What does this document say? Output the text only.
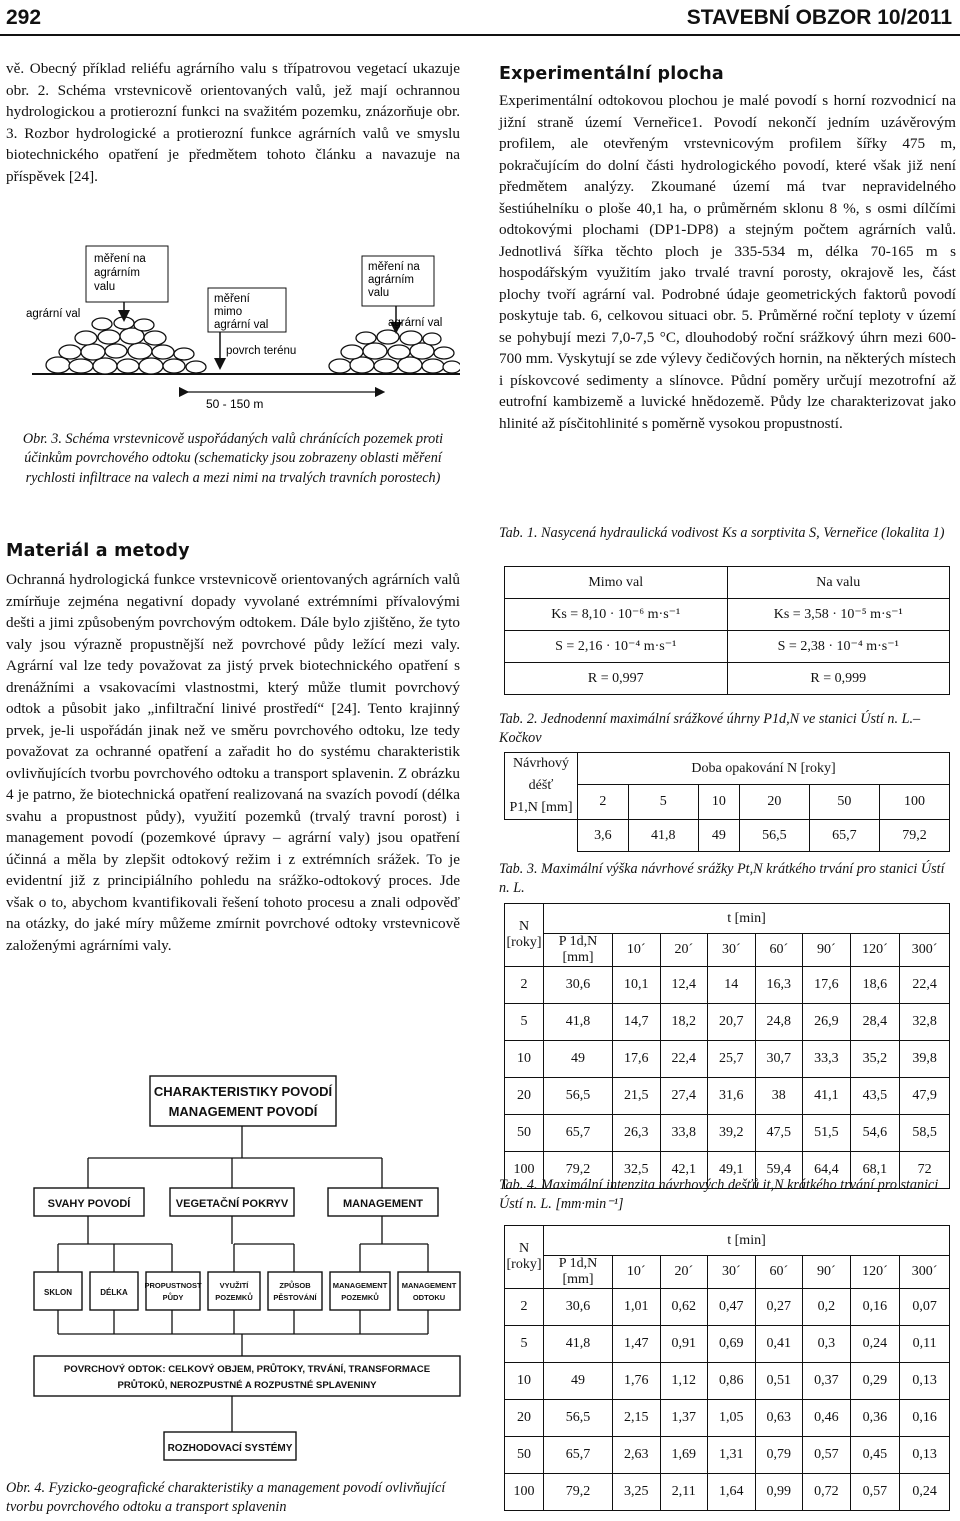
292	STAVEBNÍ OBZOR 10/2011

vě. Obecný příklad reliéfu agrárního valu s třípatrovou vegetací ukazuje obr. 2. Schéma vrstevnicově orientovaných valů, jež mají ochrannou hydrologickou a protierozní funkci na svažitém pozemku, znázorňuje obr. 3. Rozbor hydrologické a protierozní funkce agrárních valů ve smyslu biotechnického opatření je předmětem tohoto článku a navazuje na příspěvek [24].

měření na
agrárním
valu
měření
mimo
agrární val
měření na
agrárním
valu
agrární val
agrární val
povrch terénu
50 - 150 m

Obr. 3. Schéma vrstevnicově uspořádaných valů chránících pozemek proti účinkům povrchového odtoku (schematicky jsou zobrazeny oblasti měření rychlosti infiltrace na valech a mezi nimi na trvalých travních porostech)

Materiál a metody

Ochranná hydrologická funkce vrstevnicově orientovaných agrárních valů zmírňuje zejména negativní dopady vyvolané extrémními přívalovými dešti a jimi způsobeným povrchovým odtokem. Dále bylo zjištěno, že tyto valy jsou výrazně propustnější než povrchové půdy ležící mezi valy. Agrární val lze tedy považovat za jistý prvek biotechnického opatření s drenážními a vsakovacími vlastnostmi, který může tlumit povrchový odtok a působit jako „infiltrační linivé prostředí“ [24]. Tento krajinný prvek, je-li uspořádán jinak než ve směru povrchového odtoku, lze tedy považovat za ochranné opatření a zařadit ho do systému charakteristik ovlivňujících tvorbu povrchového odtoku a transport splavenin. Z obrázku 4 je patrno, že biotechnická opatření realizovaná na svazích povodí (délka svahu a propustnost půdy), využití pozemků (trvalý travní porost) i management povodí (pozemkové úpravy – agrární valy) jsou opatření účinná a měla by zlepšit odtokový režim i z extrémních srážek. To je evidentní již z principiálního pohledu na srážko-odtokový proces. Jde však o to, abychom kvantifikovali řešení tohoto procesu a znali odpověď na otázky, do jaké míry můžeme zmírnit povrchové odtoky vrstevnicově založenými agrárními valy.

CHARAKTERISTIKY POVODÍ
MANAGEMENT POVODÍ
SVAHY POVODÍ	VEGETAČNÍ POKRYV	MANAGEMENT
SKLON	DÉLKA
PROPUSTNOST
PŮDY
VYUŽITÍ
POZEMKŮ
ZPŮSOB
PĚSTOVÁNÍ
MANAGEMENT
POZEMKŮ
MANAGEMENT
ODTOKU
POVRCHOVÝ ODTOK: CELKOVÝ OBJEM, PRŮTOKY, TRVÁNÍ, TRANSFORMACE
PRŮTOKŮ, NEROZPUSTNÉ A ROZPUSTNÉ SPLAVENINY
ROZHODOVACÍ SYSTÉMY

Obr. 4. Fyzicko-geografické charakteristiky a management povodí ovlivňující tvorbu povrchového odtoku a transport splavenin

Experimentální plocha

Experimentální odtokovou plochou je malé povodí s horní rozvodnicí na jižní straně území Verneřice1. Povodí nekončí jedním uzávěrovým profilem, ale otevřeným vrstevnicovým profilem šířky 475 m, pokračujícím do dolní části hydrologického povodí, které však již není předmětem analýzy. Zkoumané území má tvar nepravidelného šestiúhelníku o ploše 40,1 ha, o průměrném sklonu 8 %, s osmi dílčími odtokovými plochami (DP1-DP8) a stejným počtem agrárních valů. Jednotlivá šířka těchto ploch je 335-534 m, délka 70-165 m s hospodářským využitím jako trvalé travní porosty, okrajově les, část plochy tvoří agrární val. Podrobné údaje geometrických faktorů povodí poskytuje tab. 6, celkovou situaci obr. 5. Průměrné roční teploty v území se pohybují mezi 7,0-7,5 °C, dlouhodobý roční srážkový úhrn mezi 600-700 mm. Vyskytují se zde výlevy čedičových hornin, na některých místech i pískovcové sedimenty a slínovce. Půdní poměry určují mezotrofní až eutrofní kambizemě a luvické hnědozemě. Půdy lze charakterizovat jako hlinité až písčitohlinité s poměrně vysokou propustností.

Tab. 1. Nasycená hydraulická vodivost Ks a sorptivita S, Verneřice (lokalita 1)

Mimo val	Na valu
Ks = 8,10 · 10⁻⁶ m·s⁻¹	Ks = 3,58 · 10⁻⁵ m·s⁻¹
S = 2,16 · 10⁻⁴ m·s⁻¹	S = 2,38 · 10⁻⁴ m·s⁻¹
R = 0,997	R = 0,999

Tab. 2. Jednodenní maximální srážkové úhrny P1d,N ve stanici Ústí n. L.–Kočkov

Návrhový
déšť
P1,N [mm]	Doba opakování N [roky]					
	2	5	10	20	50	100
	3,6	41,8	49	56,5	65,7	79,2

Tab. 3. Maximální výška návrhové srážky Pt,N krátkého trvání pro stanici Ústí n. L.

N
[roky]	t [min]							
	P 1d,N [mm]	10´	20´	30´	60´	90´	120´	300´
2	30,6	10,1	12,4	14	16,3	17,6	18,6	22,4
5	41,8	14,7	18,2	20,7	24,8	26,9	28,4	32,8
10	49	17,6	22,4	25,7	30,7	33,3	35,2	39,8
20	56,5	21,5	27,4	31,6	38	41,1	43,5	47,9
50	65,7	26,3	33,8	39,2	47,5	51,5	54,6	58,5
100	79,2	32,5	42,1	49,1	59,4	64,4	68,1	72

Tab. 4. Maximální intenzita návrhových dešťů it,N krátkého trvání pro stanici Ústí n. L. [mm·min⁻¹]

N
[roky]	t [min]							
	P 1d,N [mm]	10´	20´	30´	60´	90´	120´	300´
2	30,6	1,01	0,62	0,47	0,27	0,2	0,16	0,07
5	41,8	1,47	0,91	0,69	0,41	0,3	0,24	0,11
10	49	1,76	1,12	0,86	0,51	0,37	0,29	0,13
20	56,5	2,15	1,37	1,05	0,63	0,46	0,36	0,16
50	65,7	2,63	1,69	1,31	0,79	0,57	0,45	0,13
100	79,2	3,25	2,11	1,64	0,99	0,72	0,57	0,24
